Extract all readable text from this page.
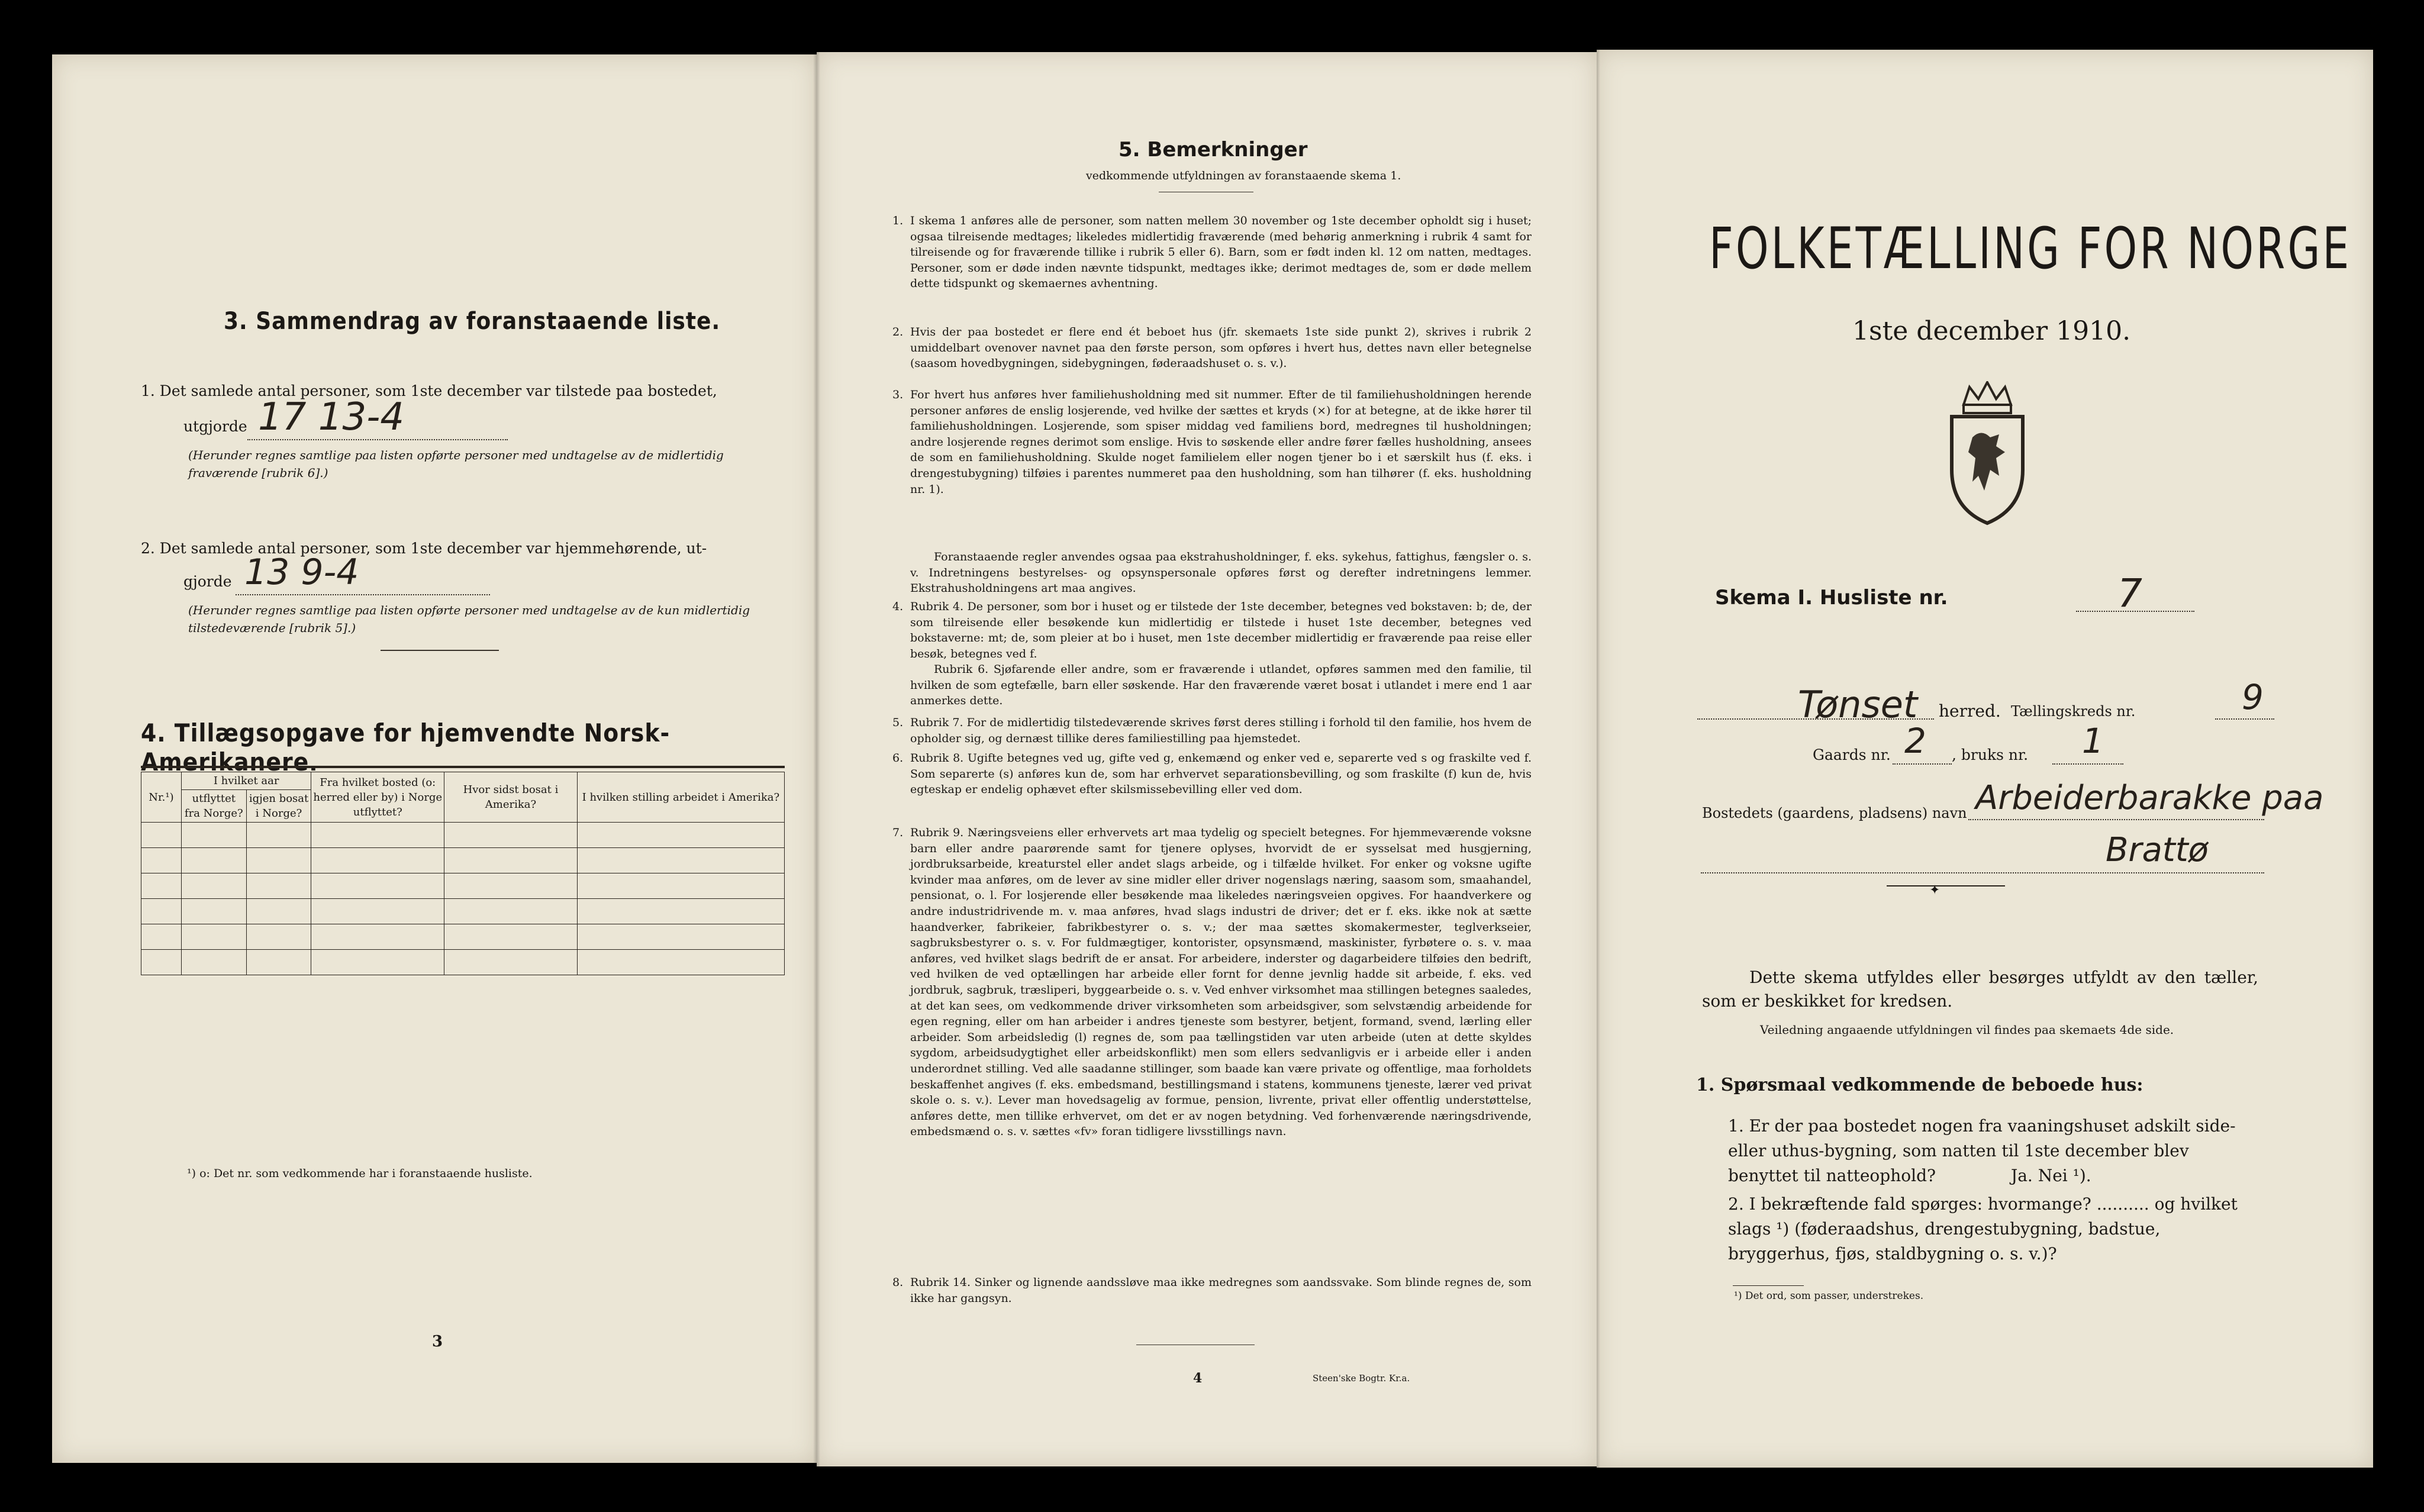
3. Sammendrag av foranstaaende liste.
1. Det samlede antal personer, som 1ste december var tilstede paa bostedet,
utgjorde 17 13-4
(Herunder regnes samtlige paa listen opførte personer med undtagelse av de midlertidig fraværende [rubrik 6].)
2. Det samlede antal personer, som 1ste december var hjemmehørende, ut-
gjorde 13 9-4
(Herunder regnes samtlige paa listen opførte personer med undtagelse av de kun midlertidig tilstedeværende [rubrik 5].)
4. Tillægsopgave for hjemvendte Norsk-Amerikanere.
Nr.¹)	I hvilket aar		Fra hvilket bosted (o: herred eller by) i Norge utflyttet?	Hvor sidst bosat i Amerika?	I hvilken stilling arbeidet i Amerika?
	utflyttet fra Norge?	igjen bosat i Norge?			

¹) o: Det nr. som vedkommende har i foranstaaende husliste.
3
5. Bemerkninger
vedkommende utfyldningen av foranstaaende skema 1.
1. I skema 1 anføres alle de personer, som natten mellem 30 november og 1ste december opholdt sig i huset; ogsaa tilreisende medtages; likeledes midlertidig fraværende (med behørig anmerkning i rubrik 4 samt for tilreisende og for fraværende tillike i rubrik 5 eller 6). Barn, som er født inden kl. 12 om natten, medtages. Personer, som er døde inden nævnte tidspunkt, medtages ikke; derimot medtages de, som er døde mellem dette tidspunkt og skemaernes avhentning.
2. Hvis der paa bostedet er flere end ét beboet hus (jfr. skemaets 1ste side punkt 2), skrives i rubrik 2 umiddelbart ovenover navnet paa den første person, som opføres i hvert hus, dettes navn eller betegnelse (saasom hovedbygningen, sidebygningen, føderaadshuset o. s. v.).
3. For hvert hus anføres hver familiehusholdning med sit nummer. Efter de til familiehusholdningen herende personer anføres de enslig losjerende, ved hvilke der sættes et kryds (×) for at betegne, at de ikke hører til familiehusholdningen. Losjerende, som spiser middag ved familiens bord, medregnes til husholdningen; andre losjerende regnes derimot som enslige. Hvis to søskende eller andre fører fælles husholdning, ansees de som en familiehusholdning. Skulde noget familielem eller nogen tjener bo i et særskilt hus (f. eks. i drengestubygning) tilføies i parentes nummeret paa den husholdning, som han tilhører (f. eks. husholdning nr. 1).
Foranstaaende regler anvendes ogsaa paa ekstrahusholdninger, f. eks. sykehus, fattighus, fængsler o. s. v. Indretningens bestyrelses- og opsynspersonale opføres først og derefter indretningens lemmer. Ekstrahusholdningens art maa angives.
4. Rubrik 4. De personer, som bor i huset og er tilstede der 1ste december, betegnes ved bokstaven: b; de, der som tilreisende eller besøkende kun midlertidig er tilstede i huset 1ste december, betegnes ved bokstaverne: mt; de, som pleier at bo i huset, men 1ste december midlertidig er fraværende paa reise eller besøk, betegnes ved f.
Rubrik 6. Sjøfarende eller andre, som er fraværende i utlandet, opføres sammen med den familie, til hvilken de som egtefælle, barn eller søskende. Har den fraværende været bosat i utlandet i mere end 1 aar anmerkes dette.
5. Rubrik 7. For de midlertidig tilstedeværende skrives først deres stilling i forhold til den familie, hos hvem de opholder sig, og dernæst tillike deres familiestilling paa hjemstedet.
6. Rubrik 8. Ugifte betegnes ved ug, gifte ved g, enkemænd og enker ved e, separerte ved s og fraskilte ved f. Som separerte (s) anføres kun de, som har erhvervet separationsbevilling, og som fraskilte (f) kun de, hvis egteskap er endelig ophævet efter skilsmissebevilling eller ved dom.
7. Rubrik 9. Næringsveiens eller erhvervets art maa tydelig og specielt betegnes. For hjemmeværende voksne barn eller andre paarørende samt for tjenere oplyses, hvorvidt de er sysselsat med husgjerning, jordbruksarbeide, kreaturstel eller andet slags arbeide, og i tilfælde hvilket. For enker og voksne ugifte kvinder maa anføres, om de lever av sine midler eller driver nogenslags næring, saasom som, smaahandel, pensionat, o. l. For losjerende eller besøkende maa likeledes næringsveien opgives. For haandverkere og andre industridrivende m. v. maa anføres, hvad slags industri de driver; det er f. eks. ikke nok at sætte haandverker, fabrikeier, fabrikbestyrer o. s. v.; der maa sættes skomakermester, teglverkseier, sagbruksbestyrer o. s. v. For fuldmægtiger, kontorister, opsynsmænd, maskinister, fyrbøtere o. s. v. maa anføres, ved hvilket slags bedrift de er ansat. For arbeidere, inderster og dagarbeidere tilføies den bedrift, ved hvilken de ved optællingen har arbeide eller fornt for denne jevnlig hadde sit arbeide, f. eks. ved jordbruk, sagbruk, træsliperi, byggearbeide o. s. v. Ved enhver virksomhet maa stillingen betegnes saaledes, at det kan sees, om vedkommende driver virksomheten som arbeidsgiver, som selvstændig arbeidende for egen regning, eller om han arbeider i andres tjeneste som bestyrer, betjent, formand, svend, lærling eller arbeider. Som arbeidsledig (l) regnes de, som paa tællingstiden var uten arbeide (uten at dette skyldes sygdom, arbeidsudygtighet eller arbeidskonflikt) men som ellers sedvanligvis er i arbeide eller i anden underordnet stilling. Ved alle saadanne stillinger, som baade kan være private og offentlige, maa forholdets beskaffenhet angives (f. eks. embedsmand, bestillingsmand i statens, kommunens tjeneste, lærer ved privat skole o. s. v.). Lever man hovedsagelig av formue, pension, livrente, privat eller offentlig understøttelse, anføres dette, men tillike erhvervet, om det er av nogen betydning. Ved forhenværende næringsdrivende, embedsmænd o. s. v. sættes «fv» foran tidligere livsstillings navn.
8. Rubrik 14. Sinker og lignende aandssløve maa ikke medregnes som aandssvake. Som blinde regnes de, som ikke har gangsyn.
4	Steen'ske Bogtr. Kr.a.
FOLKETÆLLING FOR NORGE
1ste december 1910.
Skema I. Husliste nr.	7
Tønset herred. Tællingskreds nr.	9
Gaards nr. 2 , bruks nr. 1
Bostedets (gaardens, pladsens) navn Arbeiderbarakke paa
Brattø
✦
Dette skema utfyldes eller besørges utfyldt av den tæller, som er beskikket for kredsen.
Veiledning angaaende utfyldningen vil findes paa skemaets 4de side.
1. Spørsmaal vedkommende de beboede hus:
1. Er der paa bostedet nogen fra vaaningshuset adskilt side- eller uthus-bygning, som natten til 1ste december blev benyttet til natteophold?	Ja. Nei ¹).
2. I bekræftende fald spørges: hvormange? .......... og hvilket slags ¹) (føderaadshus, drengestubygning, badstue, bryggerhus, fjøs, staldbygning o. s. v.)?
¹) Det ord, som passer, understrekes.
